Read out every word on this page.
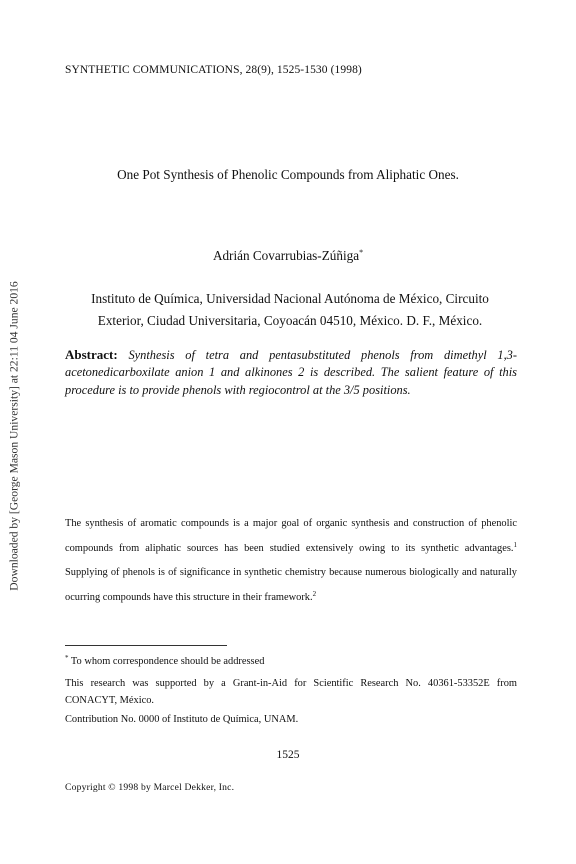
Downloaded by [George Mason University] at 22:11 04 June 2016
SYNTHETIC COMMUNICATIONS, 28(9), 1525-1530 (1998)
One Pot Synthesis of Phenolic Compounds from Aliphatic Ones.
Adrián Covarrubias-Zúñiga*
Instituto de Química, Universidad Nacional Autónoma de México, Circuito
Exterior, Ciudad Universitaria, Coyoacán 04510, México. D. F., México.
Abstract: Synthesis of tetra and pentasubstituted phenols from dimethyl 1,3-acetonedicarboxilate anion 1 and alkinones 2 is described. The salient feature of this procedure is to provide phenols with regiocontrol at the 3/5 positions.
The synthesis of aromatic compounds is a major goal of organic synthesis and construction of phenolic compounds from aliphatic sources has been studied extensively owing to its synthetic advantages.$^1$ Supplying of phenols is of significance in synthetic chemistry because numerous biologically and naturally ocurring compounds have this structure in their framework.$^2$
* To whom correspondence should be addressed
This research was supported by a Grant-in-Aid for Scientific Research No. 40361-53352E from CONACYT, México.
Contribution No. 0000 of Instituto de Química, UNAM.
1525
Copyright © 1998 by Marcel Dekker, Inc.
